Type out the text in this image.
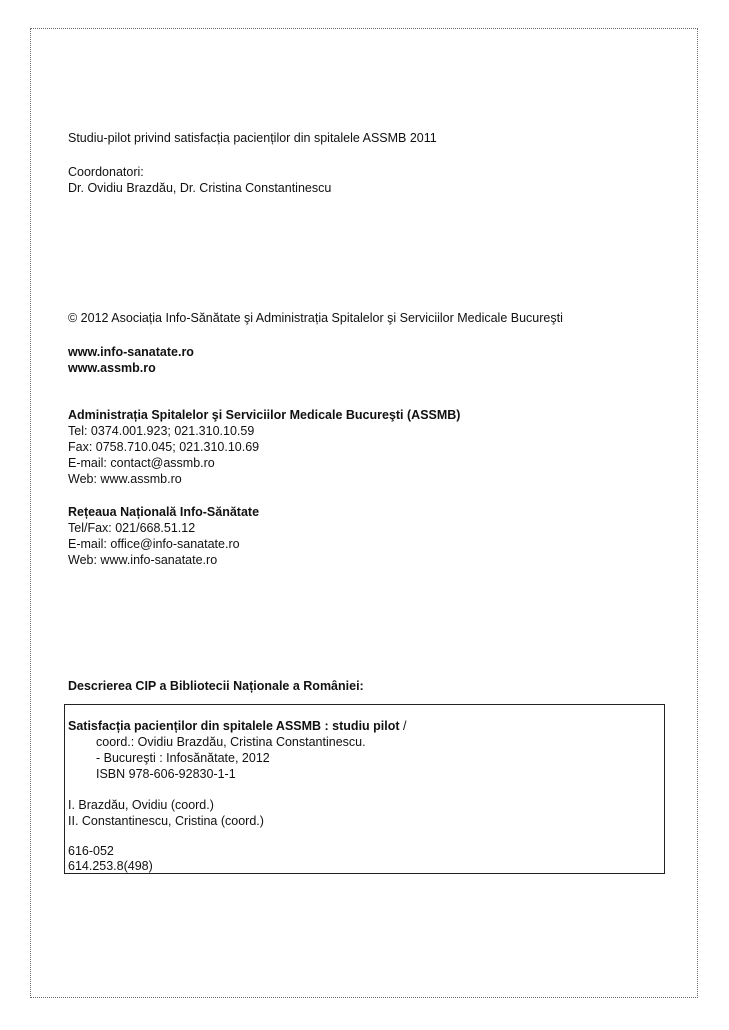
Studiu-pilot privind satisfacția pacienților din spitalele ASSMB 2011
Coordonatori:
Dr. Ovidiu Brazdău, Dr. Cristina Constantinescu
© 2012 Asociația Info-Sănătate şi Administrația Spitalelor şi Serviciilor Medicale Bucureşti
www.info-sanatate.ro
www.assmb.ro
Administrația Spitalelor şi Serviciilor Medicale Bucureşti (ASSMB)
Tel: 0374.001.923; 021.310.10.59
Fax: 0758.710.045; 021.310.10.69
E-mail: contact@assmb.ro
Web: www.assmb.ro
Rețeaua Națională Info-Sănătate
Tel/Fax: 021/668.51.12
E-mail: office@info-sanatate.ro
Web: www.info-sanatate.ro
Descrierea CIP a Bibliotecii Naționale a României:
Satisfacția pacienților din spitalele ASSMB : studiu pilot /
coord.: Ovidiu Brazdău, Cristina Constantinescu.
- Bucureşti : Infosănătate, 2012
ISBN 978-606-92830-1-1
I. Brazdău, Ovidiu (coord.)
II. Constantinescu, Cristina (coord.)
616-052
614.253.8(498)
